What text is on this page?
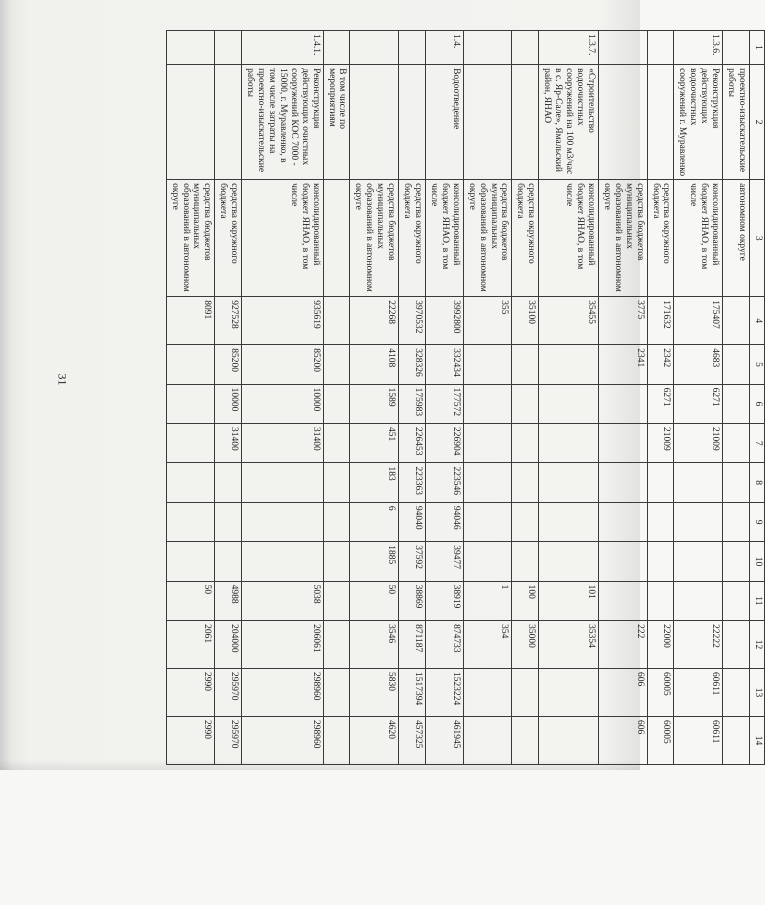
31
1	2	3	4	5	6	7	8	9	10	11	12	13	14
	проектно-изыскательские работы	автономном округе											
1.3.6.	Реконструкция действующих водоочистных сооружений г. Муравленко	консолидированный бюджет ЯНАО, в том числе	175407	4683	6271	21009					22222	60611	60611
		средства окружного бюджета	171632	2342	6271	21009					22000	60005	60005
		средства бюджетов муниципальных образований в автономном округе	3775	2341							222	606	606
1.3.7.	«Строительство водоочистных сооружений на 100 м3/час в с. Яр-Сале», Ямальский район, ЯНАО	консолидированный бюджет ЯНАО, в том числе	35455							101	35354		
		средства окружного бюджета	35100							100	35000		
		средства бюджетов муниципальных образований в автономном округе	355							1	354		
1.4.	Водоотведение	консолидированный бюджет ЯНАО, в том числе	3992800	332434	177572	226904	223546	94046	39477	38919	874733	1523224	461945
		средства окружного бюджета	3970532	328326	175983	226453	223363	94040	37592	38869	871187	1517394	457325
		средства бюджетов муниципальных образований в автономном округе	22268	4108	1589	451	183	6	1885	50	3546	5830	4620
	В том числе по мероприятиям												
1.4.1.	Реконструкция действующих очистных сооружений КОС 7000 - 15000, г. Муравленко, в том числе затраты на проектно-изыскательские работы	консолидированный бюджет ЯНАО, в том числе	935619	85200	10000	31400				5038	206061	298960	298960
		средства окружного бюджета	927528	85200	10000	31400				4988	204000	295970	295970
		средства бюджетов муниципальных образований в автономном округе	8091							50	2061	2990	2990
